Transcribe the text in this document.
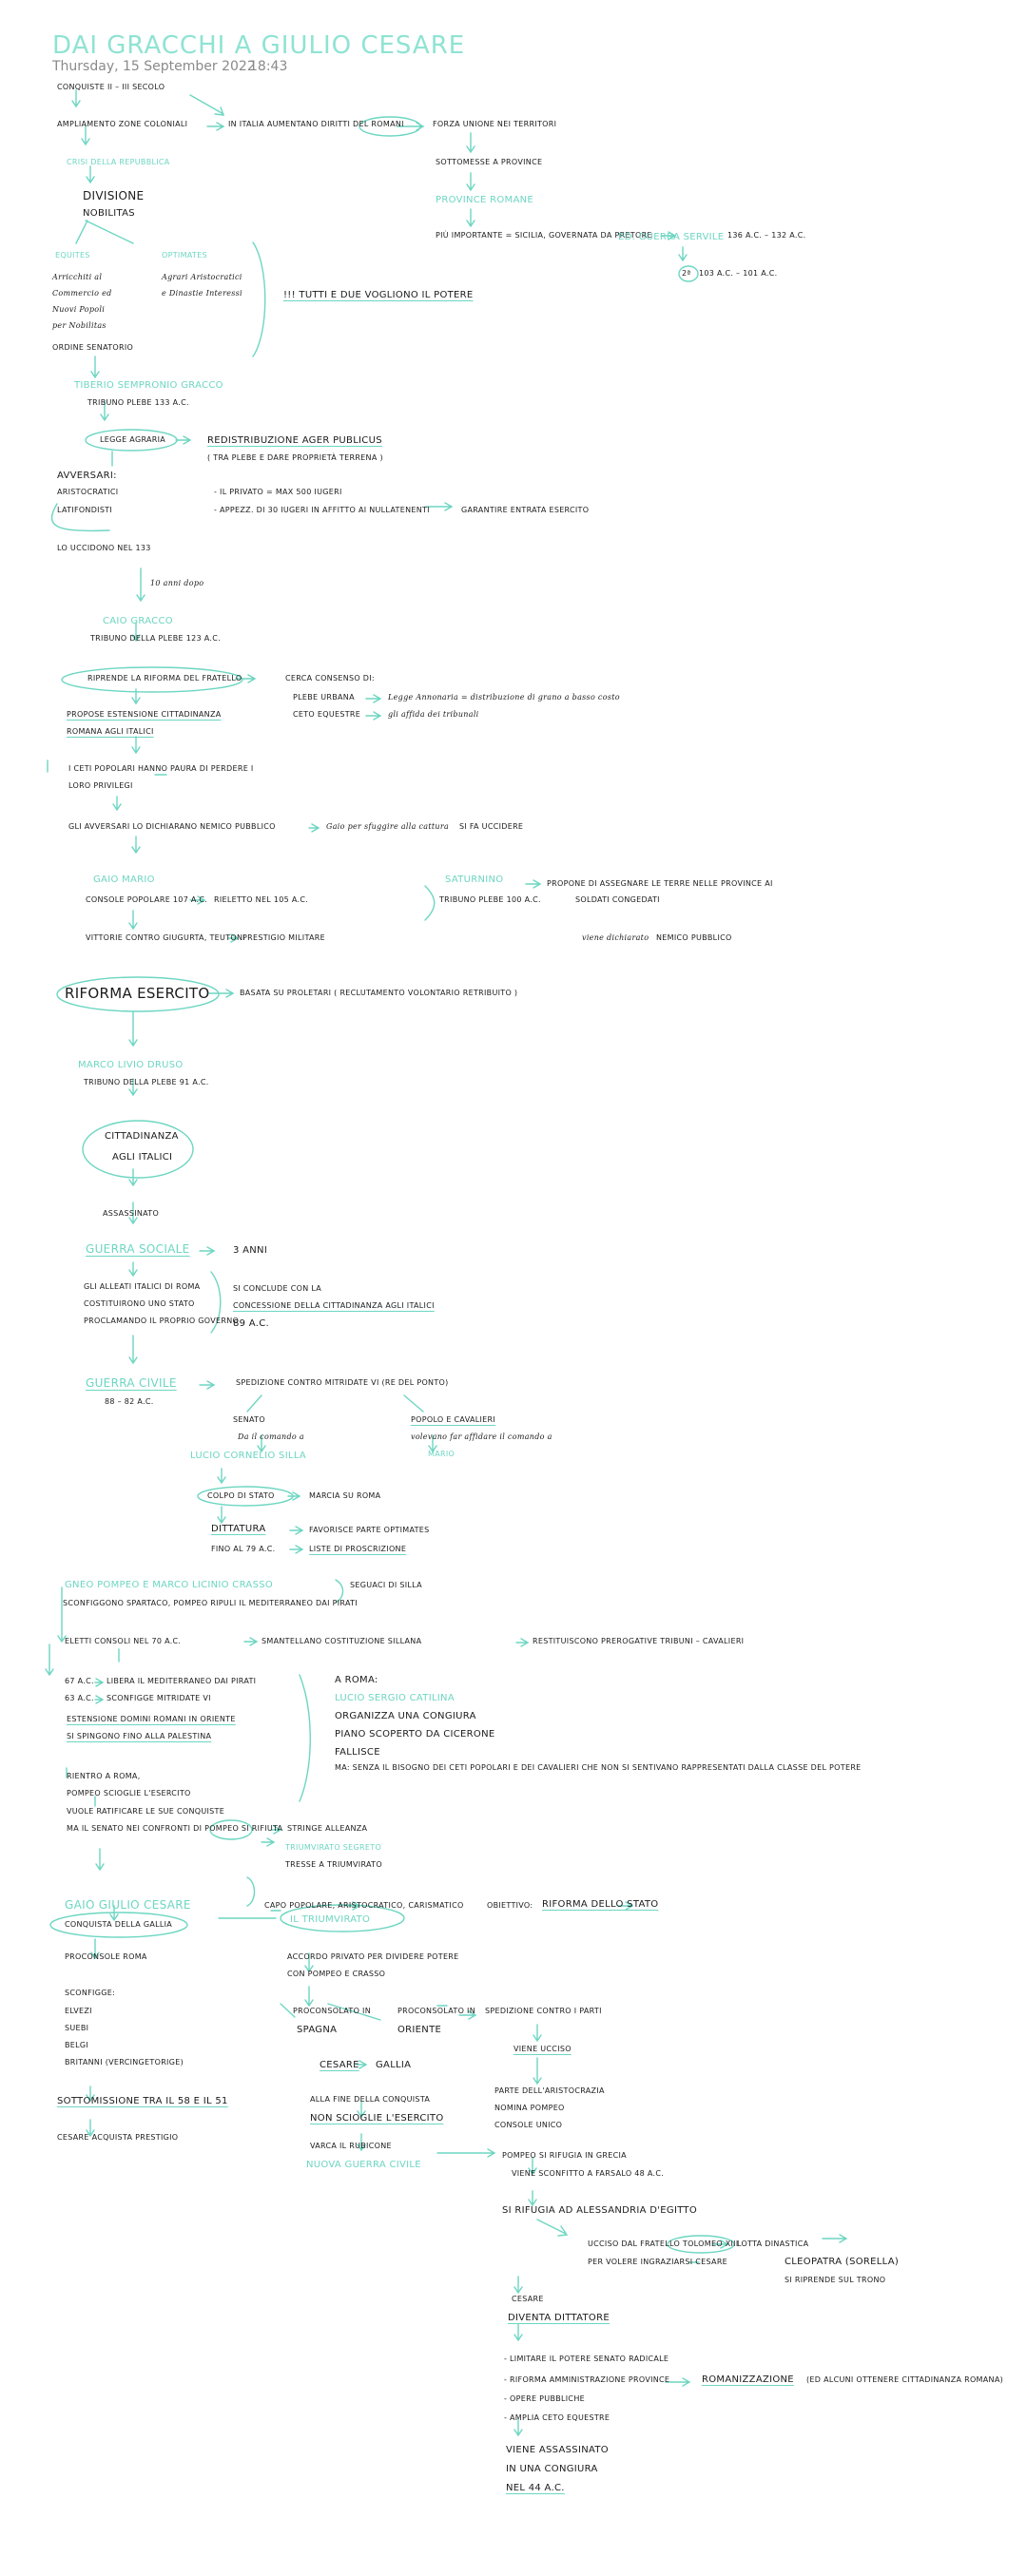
DAI GRACCHI A GIULIO CESARE
Thursday, 15 September 2022
18:43
CONQUISTE II – III SECOLO
AMPLIAMENTO ZONE COLONIALI	IN ITALIA AUMENTANO DIRITTI DEL ROMANI	FORZA UNIONE NEI TERRITORI
CRISI DELLA REPUBBLICA	SOTTOMESSE A PROVINCE
DIVISIONE
NOBILITAS
PROVINCE ROMANE
PIÙ IMPORTANTE = SICILIA, GOVERNATA DA PRETORE
EQUITES	OPTIMATES
Arricchiti al
Commercio ed
Nuovi Popoli
per Nobilitas
ORDINE SENATORIO
Agrari Aristocratici
e Dinastie Interessi
ED. GUERRA SERVILE 136 A.C. – 132 A.C.
2ª 103 A.C. – 101 A.C.
!!! TUTTI E DUE VOGLIONO IL POTERE
TIBERIO SEMPRONIO GRACCO
TRIBUNO PLEBE 133 A.C.
LEGGE AGRARIA	REDISTRIBUZIONE AGER PUBLICUS
( TRA PLEBE E DARE PROPRIETÀ TERRENA )
AVVERSARI:
ARISTOCRATICI
LATIFONDISTI
- IL PRIVATO = MAX 500 IUGERI
- APPEZZ. DI 30 IUGERI IN AFFITTO AI NULLATENENTI	GARANTIRE ENTRATA ESERCITO
LO UCCIDONO NEL 133
10 anni dopo
CAIO GRACCO
TRIBUNO DELLA PLEBE 123 A.C.
RIPRENDE LA RIFORMA DEL FRATELLO	CERCA CONSENSO DI:
PLEBE URBANA	Legge Annonaria = distribuzione di grano a basso costo
CETO EQUESTRE	gli affida dei tribunali
PROPOSE ESTENSIONE CITTADINANZA
ROMANA AGLI ITALICI
I CETI POPOLARI HANNO PAURA DI PERDERE I
LORO PRIVILEGI
GLI AVVERSARI LO DICHIARANO NEMICO PUBBLICO	Gaio per sfuggire alla cattura SI FA UCCIDERE
GAIO MARIO
CONSOLE POPOLARE 107 A.C. RIELETTO NEL 105 A.C.
SATURNINO
TRIBUNO PLEBE 100 A.C.
PROPONE DI ASSEGNARE LE TERRE NELLE PROVINCE AI
SOLDATI CONGEDATI
VITTORIE CONTRO GIUGURTA, TEUTONI
PRESTIGIO MILITARE	viene dichiarato NEMICO PUBBLICO
RIFORMA ESERCITO	BASATA SU PROLETARI ( RECLUTAMENTO VOLONTARIO RETRIBUITO )
MARCO LIVIO DRUSO
TRIBUNO DELLA PLEBE 91 A.C.
CITTADINANZA
AGLI ITALICI
ASSASSINATO
GUERRA SOCIALE	3 ANNI
GLI ALLEATI ITALICI DI ROMA
COSTITUIRONO UNO STATO
PROCLAMANDO IL PROPRIO GOVERNO
SI CONCLUDE CON LA
CONCESSIONE DELLA CITTADINANZA AGLI ITALICI
89 A.C.
GUERRA CIVILE
88 – 82 A.C.
SPEDIZIONE CONTRO MITRIDATE VI (RE DEL PONTO)
SENATO	POPOLO E CAVALIERI
Da il comando a	volevano far affidare il comando a
LUCIO CORNELIO SILLA	MARIO
COLPO DI STATO	MARCIA SU ROMA
DITTATURA	FAVORISCE PARTE OPTIMATES
FINO AL 79 A.C.	LISTE DI PROSCRIZIONE
GNEO POMPEO E MARCO LICINIO CRASSO	SEGUACI DI SILLA
SCONFIGGONO SPARTACO, POMPEO RIPULI IL MEDITERRANEO DAI PIRATI
ELETTI CONSOLI NEL 70 A.C.	SMANTELLANO COSTITUZIONE SILLANA	RESTITUISCONO PREROGATIVE TRIBUNI – CAVALIERI
67 A.C. LIBERA IL MEDITERRANEO DAI PIRATI
63 A.C. SCONFIGGE MITRIDATE VI
A ROMA:
LUCIO SERGIO CATILINA
ORGANIZZA UNA CONGIURA
ESTENSIONE DOMINI ROMANI IN ORIENTE
SI SPINGONO FINO ALLA PALESTINA	PIANO SCOPERTO DA CICERONE
FALLISCE
RIENTRO A ROMA,
POMPEO SCIOGLIE L'ESERCITO
VUOLE RATIFICARE LE SUE CONQUISTE
MA IL SENATO NEI CONFRONTI DI POMPEO SI RIFIUTA STRINGE ALLEANZA
MA: SENZA IL BISOGNO DEI CETI POPOLARI E DEI CAVALIERI CHE NON SI SENTIVANO RAPPRESENTATI DALLA CLASSE DEL POTERE
TRIUMVIRATO SEGRETO
TRESSE A TRIUMVIRATO
GAIO GIULIO CESARE	CAPO POPOLARE, ARISTOCRATICO, CARISMATICO	OBIETTIVO: RIFORMA DELLO STATO
CONQUISTA DELLA GALLIA	IL TRIUMVIRATO
ACCORDO PRIVATO PER DIVIDERE POTERE
PROCONSOLE ROMA
CON POMPEO E CRASSO
SCONFIGGE:
ELVEZI
SUEBI
BELGI
BRITANNI (VERCINGETORIGE)
PROCONSOLATO IN
SPAGNA
PROCONSOLATO IN
ORIENTE
SPEDIZIONE CONTRO I PARTI
VIENE UCCISO
CESARE GALLIA
SOTTOMISSIONE TRA IL 58 E IL 51	ALLA FINE DELLA CONQUISTA
NON SCIOGLIE L'ESERCITO
PARTE DELL'ARISTOCRAZIA
NOMINA POMPEO
CONSOLE UNICO
CESARE ACQUISTA PRESTIGIO
VARCA IL RUBICONE
NUOVA GUERRA CIVILE
POMPEO SI RIFUGIA IN GRECIA
VIENE SCONFITTO A FARSALO 48 A.C.
SI RIFUGIA AD ALESSANDRIA D'EGITTO
UCCISO DAL FRATELLO TOLOMEO XIII
LOTTA DINASTICA
PER VOLERE INGRAZIARSI CESARE	CLEOPATRA (SORELLA)
SI RIPRENDE SUL TRONO
CESARE
DIVENTA DITTATORE
- LIMITARE IL POTERE SENATO RADICALE
- RIFORMA AMMINISTRAZIONE PROVINCE	ROMANIZZAZIONE (ED ALCUNI OTTENERE CITTADINANZA ROMANA)
- OPERE PUBBLICHE
- AMPLIA CETO EQUESTRE
VIENE ASSASSINATO
IN UNA CONGIURA
NEL 44 A.C.
